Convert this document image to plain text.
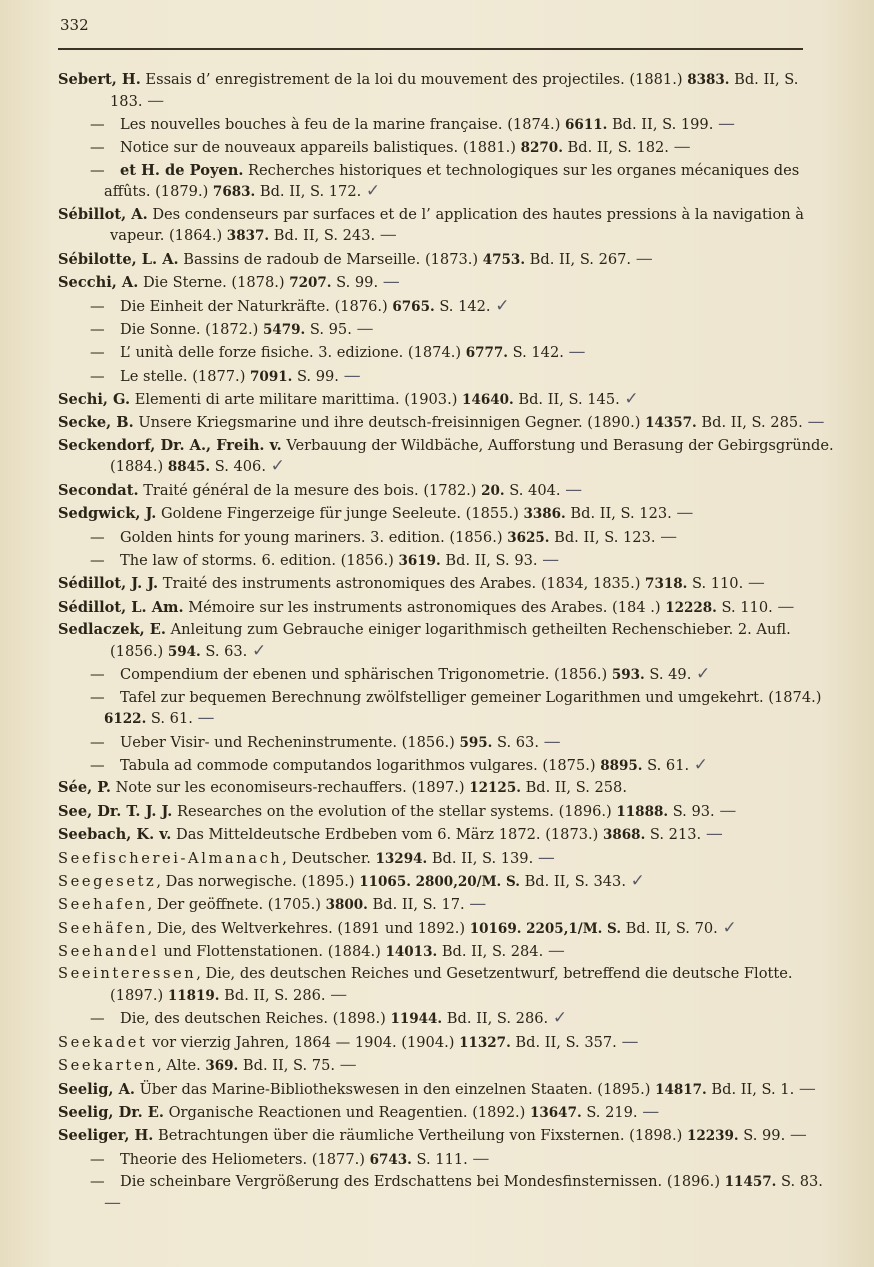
332
Sebert, H. Essais d’ enregistrement de la loi du mouvement des projectiles. (1881.) 8383. Bd. II, S. 183. —
— Les nouvelles bouches à feu de la marine française. (1874.) 6611. Bd. II, S. 199. —
— Notice sur de nouveaux appareils balistiques. (1881.) 8270. Bd. II, S. 182. —
— et H. de Poyen. Recherches historiques et technologiques sur les organes mécaniques des affûts. (1879.) 7683. Bd. II, S. 172. ✓
Sébillot, A. Des condenseurs par surfaces et de l’ application des hautes pressions à la navigation à vapeur. (1864.) 3837. Bd. II, S. 243. —
Sébilotte, L. A. Bassins de radoub de Marseille. (1873.) 4753. Bd. II, S. 267. —
Secchi, A. Die Sterne. (1878.) 7207. S. 99. —
— Die Einheit der Naturkräfte. (1876.) 6765. S. 142. ✓
— Die Sonne. (1872.) 5479. S. 95. —
— L’ unità delle forze fisiche. 3. edizione. (1874.) 6777. S. 142. —
— Le stelle. (1877.) 7091. S. 99. —
Sechi, G. Elementi di arte militare marittima. (1903.) 14640. Bd. II, S. 145. ✓
Secke, B. Unsere Kriegsmarine und ihre deutsch-freisinnigen Gegner. (1890.) 14357. Bd. II, S. 285. —
Seckendorf, Dr. A., Freih. v. Verbauung der Wildbäche, Aufforstung und Berasung der Gebirgsgründe. (1884.) 8845. S. 406. ✓
Secondat. Traité général de la mesure des bois. (1782.) 20. S. 404. —
Sedgwick, J. Goldene Fingerzeige für junge Seeleute. (1855.) 3386. Bd. II, S. 123. —
— Golden hints for young mariners. 3. edition. (1856.) 3625. Bd. II, S. 123. —
— The law of storms. 6. edition. (1856.) 3619. Bd. II, S. 93. —
Sédillot, J. J. Traité des instruments astronomiques des Arabes. (1834, 1835.) 7318. S. 110. —
Sédillot, L. Am. Mémoire sur les instruments astronomiques des Arabes. (184 .) 12228. S. 110. —
Sedlaczek, E. Anleitung zum Gebrauche einiger logarithmisch getheilten Rechenschieber. 2. Aufl. (1856.) 594. S. 63. ✓
— Compendium der ebenen und sphärischen Trigonometrie. (1856.) 593. S. 49. ✓
— Tafel zur bequemen Berechnung zwölfstelliger gemeiner Logarithmen und umgekehrt. (1874.) 6122. S. 61. —
— Ueber Visir- und Recheninstrumente. (1856.) 595. S. 63. —
— Tabula ad commode computandos logarithmos vulgares. (1875.) 8895. S. 61. ✓
Sée, P. Note sur les economiseurs-rechauffers. (1897.) 12125. Bd. II, S. 258.
See, Dr. T. J. J. Researches on the evolution of the stellar systems. (1896.) 11888. S. 93. —
Seebach, K. v. Das Mitteldeutsche Erdbeben vom 6. März 1872. (1873.) 3868. S. 213. —
Seefischerei-Almanach, Deutscher. 13294. Bd. II, S. 139. —
Seegesetz, Das norwegische. (1895.) 11065. 2800,20/M. S. Bd. II, S. 343. ✓
Seehafen, Der geöffnete. (1705.) 3800. Bd. II, S. 17. —
Seehäfen, Die, des Weltverkehres. (1891 und 1892.) 10169. 2205,1/M. S. Bd. II, S. 70. ✓
Seehandel und Flottenstationen. (1884.) 14013. Bd. II, S. 284. —
Seeinteressen, Die, des deutschen Reiches und Gesetzentwurf, betreffend die deutsche Flotte. (1897.) 11819. Bd. II, S. 286. —
— Die, des deutschen Reiches. (1898.) 11944. Bd. II, S. 286. ✓
Seekadet vor vierzig Jahren, 1864 — 1904. (1904.) 11327. Bd. II, S. 357. —
Seekarten, Alte. 369. Bd. II, S. 75. —
Seelig, A. Über das Marine-Bibliothekswesen in den einzelnen Staaten. (1895.) 14817. Bd. II, S. 1. —
Seelig, Dr. E. Organische Reactionen und Reagentien. (1892.) 13647. S. 219. —
Seeliger, H. Betrachtungen über die räumliche Vertheilung von Fixsternen. (1898.) 12239. S. 99. —
— Theorie des Heliometers. (1877.) 6743. S. 111. —
— Die scheinbare Vergrößerung des Erdschattens bei Mondesfinsternissen. (1896.) 11457. S. 83. —
